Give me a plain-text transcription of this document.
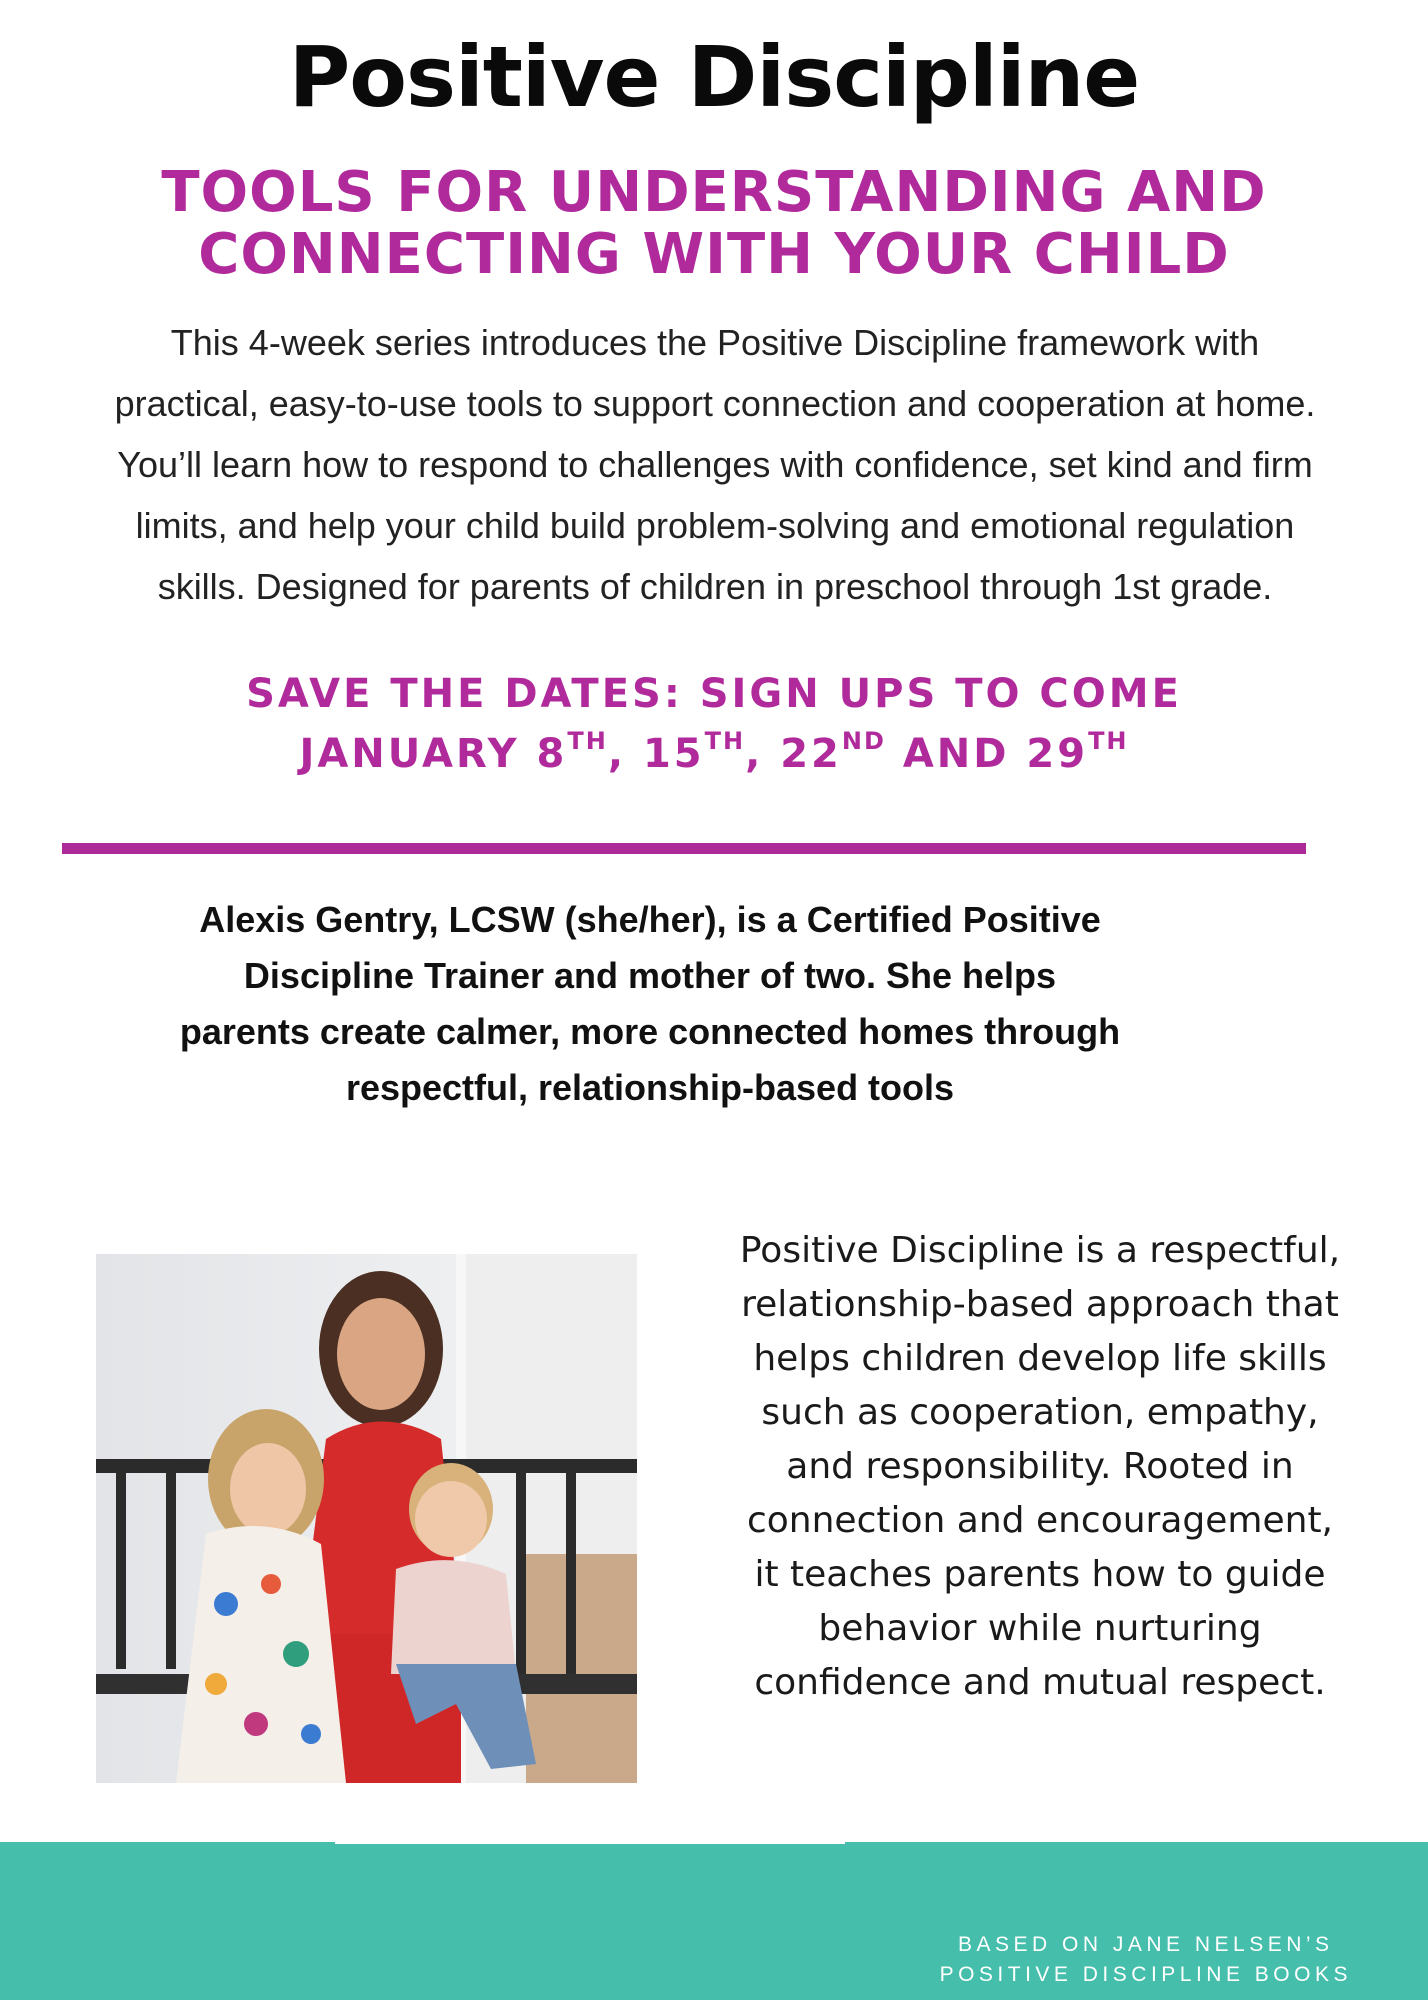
Positive Discipline
TOOLS FOR UNDERSTANDING AND
CONNECTING WITH YOUR CHILD

This 4-week series introduces the Positive Discipline framework with practical, easy-to-use tools to support connection and cooperation at home. You’ll learn how to respond to challenges with confidence, set kind and firm limits, and help your child build problem-solving and emotional regulation skills. Designed for parents of children in preschool through 1st grade.

SAVE THE DATES: SIGN UPS TO COME
JANUARY 8TH, 15TH, 22ND AND 29TH

Alexis Gentry, LCSW (she/her), is a Certified Positive
Discipline Trainer and mother of two. She helps
parents create calmer, more connected homes through
respectful, relationship-based tools

Positive Discipline is a respectful,
relationship-based approach that
helps children develop life skills
such as cooperation, empathy,
and responsibility. Rooted in
connection and encouragement,
it teaches parents how to guide
behavior while nurturing
confidence and mutual respect.

BASED ON JANE NELSEN’S
POSITIVE DISCIPLINE BOOKS
